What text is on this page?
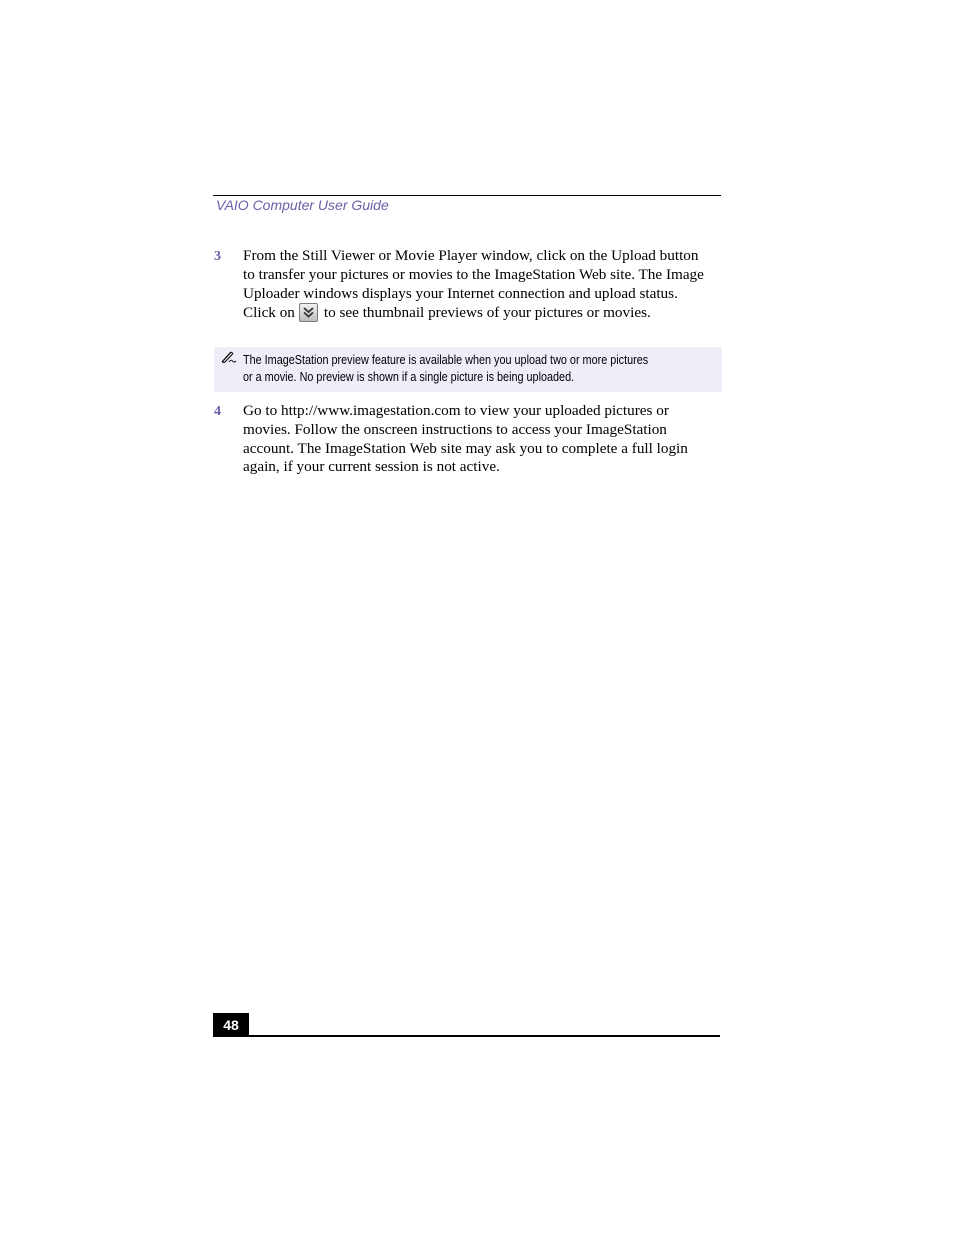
VAIO Computer User Guide
3 From the Still Viewer or Movie Player window, click on the Upload button
to transfer your pictures or movies to the ImageStation Web site. The Image
Uploader windows displays your Internet connection and upload status.
Click on to see thumbnail previews of your pictures or movies.
The ImageStation preview feature is available when you upload two or more pictures
or a movie. No preview is shown if a single picture is being uploaded.
4 Go to http://www.imagestation.com to view your uploaded pictures or
movies. Follow the onscreen instructions to access your ImageStation
account. The ImageStation Web site may ask you to complete a full login
again, if your current session is not active.
48
